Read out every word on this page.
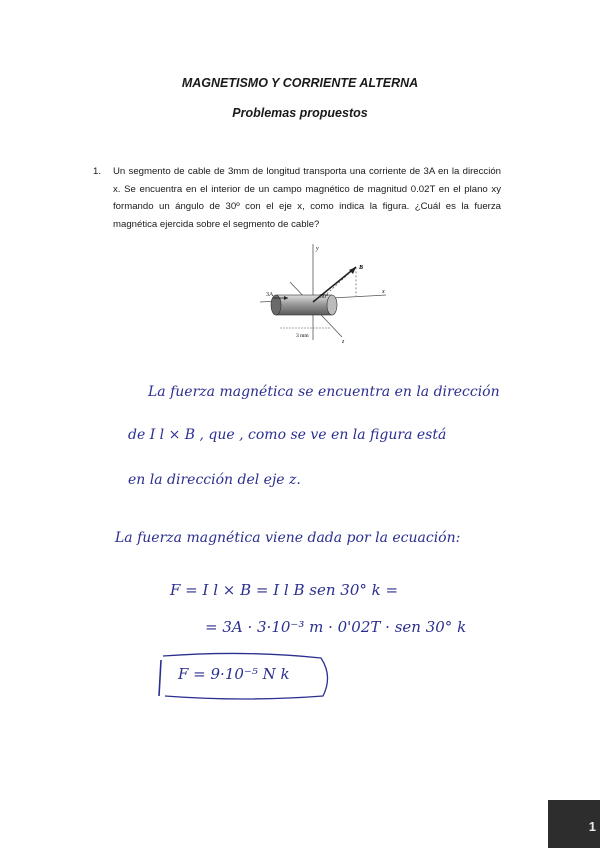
MAGNETISMO Y CORRIENTE ALTERNA
Problemas propuestos
1. Un segmento de cable de 3mm de longitud transporta una corriente de 3A en la dirección x. Se encuentra en el interior de un campo magnético de magnitud 0.02T en el plano xy formando un ángulo de 30º con el eje x, como indica la figura. ¿Cuál es la fuerza magnética ejercida sobre el segmento de cable?
y
x
z
B
30°
3A
3 mm
La fuerza magnética se encuentra en la dirección
de I l × B , que , como se ve en la figura está
en la dirección del eje z.
La fuerza magnética viene dada por la ecuación:
F = I l × B = I l B sen 30° k =
= 3A · 3·10⁻³ m · 0'02T · sen 30° k
F = 9·10⁻⁵ N k
1
